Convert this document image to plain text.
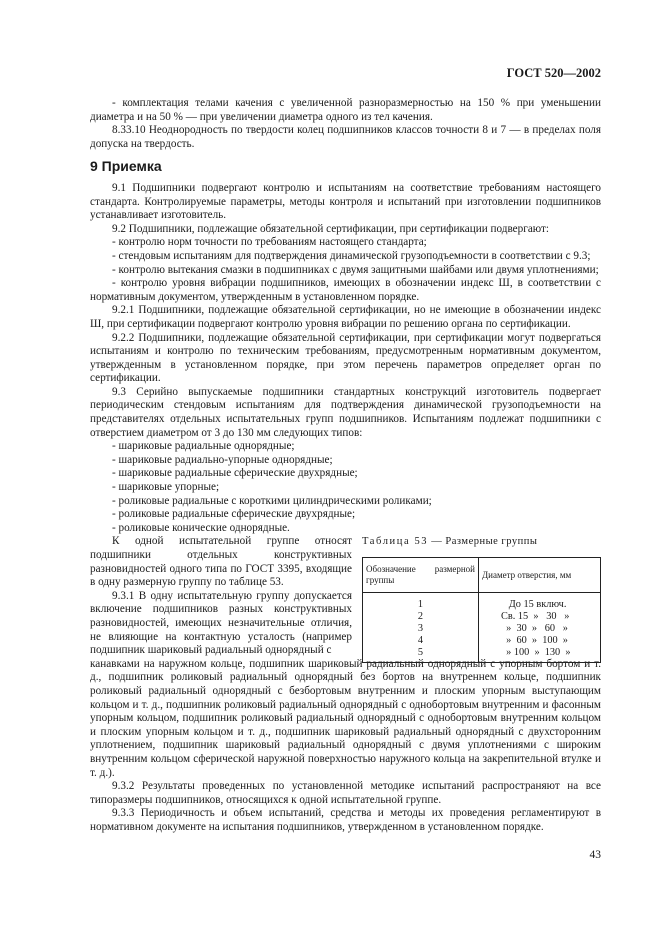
ГОСТ 520—2002

- комплектация телами качения с увеличенной разноразмерностью на 150 % при уменьшении диаметра и на 50 % — при увеличении диаметра одного из тел качения.

8.33.10 Неоднородность по твердости колец подшипников классов точности 8 и 7 — в пределах поля допуска на твердость.

9 Приемка

9.1 Подшипники подвергают контролю и испытаниям на соответствие требованиям настоящего стандарта. Контролируемые параметры, методы контроля и испытаний при изготовлении подшипников устанавливает изготовитель.

9.2 Подшипники, подлежащие обязательной сертификации, при сертификации подвергают:

- контролю норм точности по требованиям настоящего стандарта;

- стендовым испытаниям для подтверждения динамической грузоподъемности в соответствии с 9.3;

- контролю вытекания смазки в подшипниках с двумя защитными шайбами или двумя уплотнениями;

- контролю уровня вибрации подшипников, имеющих в обозначении индекс Ш, в соответствии с нормативным документом, утвержденным в установленном порядке.

9.2.1 Подшипники, подлежащие обязательной сертификации, но не имеющие в обозначении индекс Ш, при сертификации подвергают контролю уровня вибрации по решению органа по сертификации.

9.2.2 Подшипники, подлежащие обязательной сертификации, при сертификации могут подвергаться испытаниям и контролю по техническим требованиям, предусмотренным нормативным документом, утвержденным в установленном порядке, при этом перечень параметров определяет орган по сертификации.

9.3 Серийно выпускаемые подшипники стандартных конструкций изготовитель подвергает периодическим стендовым испытаниям для подтверждения динамической грузоподъемности на представителях отдельных испытательных групп подшипников. Испытаниям подлежат подшипники с отверстием диаметром от 3 до 130 мм следующих типов:

- шариковые радиальные однорядные;

- шариковые радиально-упорные однорядные;

- шариковые радиальные сферические двухрядные;

- шариковые упорные;

- роликовые радиальные с короткими цилиндрическими роликами;

- роликовые радиальные сферические двухрядные;

- роликовые конические однорядные.

К одной испытательной группе относят подшипники отдельных конструктивных разновидностей одного типа по ГОСТ 3395, входящие в одну размерную группу по таблице 53.

9.3.1 В одну испытательную группу допускается включение подшипников разных конструктивных разновидностей, имеющих незначительные отличия, не влияющие на контактную усталость (например подшипник шариковый радиальный однорядный с

Таблица 53 — Размерные группы
Обозначение размерной группы	Диаметр отверстия, мм
1	До 15 включ.
2	Св. 15  »   30   »
3	»  30  »   60   »
4	»  60  »  100  »
5	» 100  »  130  »

канавками на наружном кольце, подшипник шариковый радиальный однорядный с упорным бортом и т. д., подшипник роликовый радиальный однорядный без бортов на внутреннем кольце, подшипник роликовый радиальный однорядный с безбортовым внутренним и плоским упорным выступающим кольцом и т. д., подшипник роликовый радиальный однорядный с однобортовым внутренним и фасонным упорным кольцом, подшипник роликовый радиальный однорядный с однобортовым внутренним кольцом и плоским упорным кольцом и т. д., подшипник шариковый радиальный однорядный с двухсторонним уплотнением, подшипник шариковый радиальный однорядный с двумя уплотнениями с широким внутренним кольцом сферической наружной поверхностью наружного кольца на закрепительной втулке и т. д.).

9.3.2 Результаты проведенных по установленной методике испытаний распространяют на все типоразмеры подшипников, относящихся к одной испытательной группе.

9.3.3 Периодичность и объем испытаний, средства и методы их проведения регламентируют в нормативном документе на испытания подшипников, утвержденном в установленном порядке.

43
